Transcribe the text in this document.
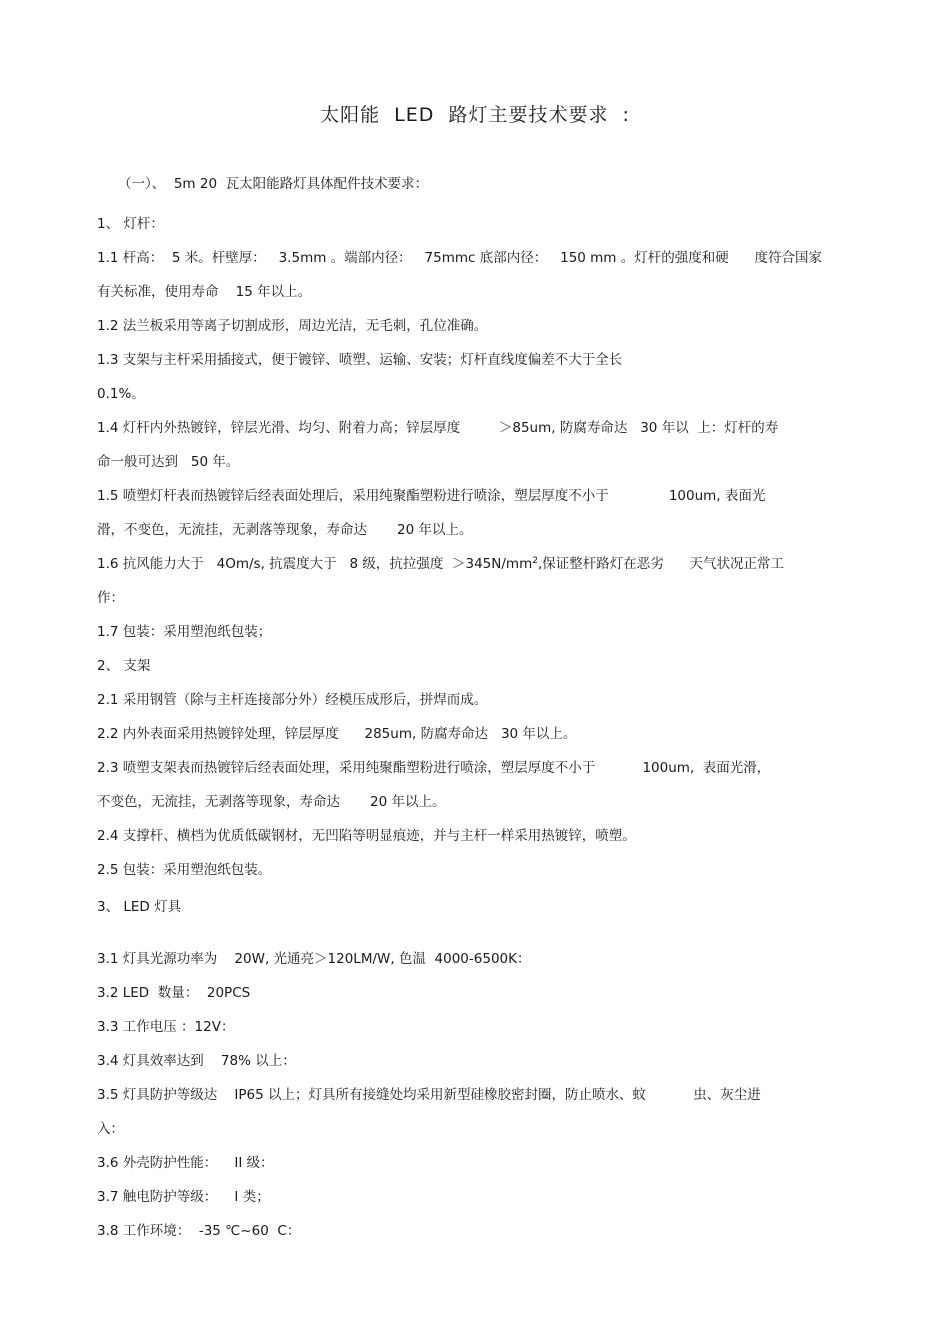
太阳能  LED  路灯主要技术要求  :
（一）、  5m 20  瓦太阳能路灯具体配件技术要求：
1、 灯杆：
1.1 杆高：  5 米。杆壁厚：   3.5mm 。端部内径：   75mmc 底部内径：   150 mm 。灯杆的强度和硬      度符合国家
有关标准，使用寿命    15 年以上。
1.2 法兰板采用等离子切割成形，周边光洁，无毛刺，孔位准确。
1.3 支架与主杆采用插接式，便于镀锌、喷塑、运输、安装；灯杆直线度偏差不大于全长
0.1%。
1.4 灯杆内外热镀锌，锌层光滑、均匀、附着力高；锌层厚度         ＞85um, 防腐寿命达   30 年以  上：灯杆的寿
命一般可达到   50 年。
1.5 喷塑灯杆表而热镀锌后经表面处理后，采用纯聚酯塑粉进行喷涂，塑层厚度不小于              100um, 表面光
滑，不变色，无流挂，无剥落等现象，寿命达       20 年以上。
1.6 抗风能力大于   4Om/s, 抗震度大于   8 级，抗拉强度  $>345N/mm^2$,保证整杆路灯在恶劣      天气状况正常工
作：
1.7 包装：采用塑泡纸包装；
2、 支架
2.1 采用钢管（除与主杆连接部分外）经模压成形后，拼焊而成。
2.2 内外表面采用热镀锌处理，锌层厚度      285um, 防腐寿命达   30 年以上。
2.3 喷塑支架表而热镀锌后经表面处理，采用纯聚酯塑粉进行喷涂，塑层厚度不小于           100um,  表面光滑，
不变色，无流挂，无剥落等现象，寿命达       20 年以上。
2.4 支撑杆、横档为优质低碳钢材，无凹陷等明显痕迹，并与主杆一样采用热镀锌，喷塑。
2.5 包装：采用塑泡纸包装。
3、 LED 灯具
3.1 灯具光源功率为    20W, 光通亮＞120LM/W, 色温  4000-6500K：
3.2 LED  数量：  20PCS
3.3 工作电压 ：12V：
3.4 灯具效率达到    78% 以上：
3.5 灯具防护等级达    IP65 以上；灯具所有接缝处均采用新型硅橡胶密封圈，防止喷水、蚊           虫、灰尘进
入：
3.6 外壳防护性能：    II 级：
3.7 触电防护等级：    I 类；
3.8 工作环境：  -35 ℃~60  C：
